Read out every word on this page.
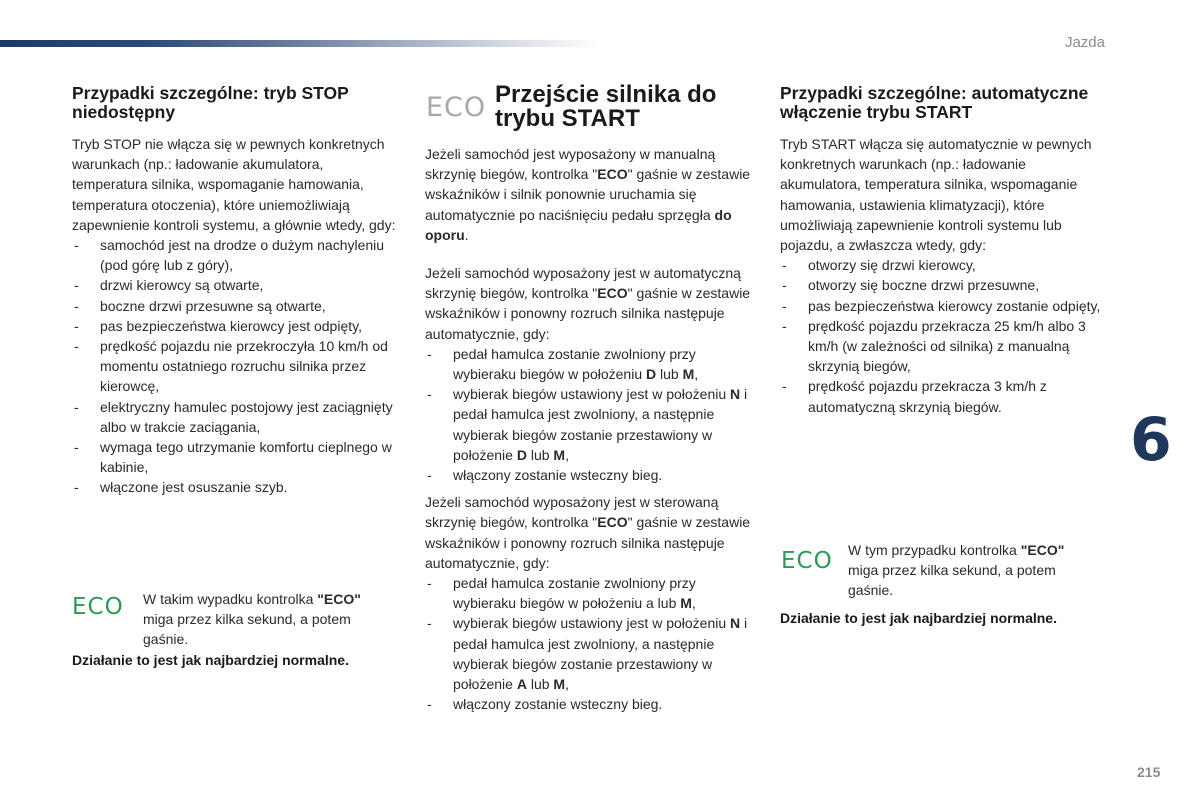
Jazda
6
215

Przypadki szczególne: tryb STOP niedostępny

Tryb STOP nie włącza się w pewnych konkretnych warunkach (np.: ładowanie akumulatora, temperatura silnika, wspomaganie hamowania, temperatura otoczenia), które uniemożliwiają zapewnienie kontroli systemu, a głównie wtedy, gdy:

- samochód jest na drodze o dużym nachyleniu (pod górę lub z góry),
- drzwi kierowcy są otwarte,
- boczne drzwi przesuwne są otwarte,
- pas bezpieczeństwa kierowcy jest odpięty,
- prędkość pojazdu nie przekroczyła 10 km/h od momentu ostatniego rozruchu silnika przez kierowcę,
- elektryczny hamulec postojowy jest zaciągnięty albo w trakcie zaciągania,
- wymaga tego utrzymanie komfortu cieplnego w kabinie,
- włączone jest osuszanie szyb.
ECO W takim wypadku kontrolka "ECO" miga przez kilka sekund, a potem gaśnie.
Działanie to jest jak najbardziej normalne.
ECO Przejście silnika do trybu START

Jeżeli samochód jest wyposażony w manualną skrzynię biegów, kontrolka "ECO" gaśnie w zestawie wskaźników i silnik ponownie uruchamia się automatycznie po naciśnięciu pedału sprzęgła do oporu.

Jeżeli samochód wyposażony jest w automatyczną skrzynię biegów, kontrolka "ECO" gaśnie w zestawie wskaźników i ponowny rozruch silnika następuje automatycznie, gdy:

- pedał hamulca zostanie zwolniony przy wybieraku biegów w położeniu D lub M,
- wybierak biegów ustawiony jest w położeniu N i pedał hamulca jest zwolniony, a następnie wybierak biegów zostanie przestawiony w położenie D lub M,
- włączony zostanie wsteczny bieg.

Jeżeli samochód wyposażony jest w sterowaną skrzynię biegów, kontrolka "ECO" gaśnie w zestawie wskaźników i ponowny rozruch silnika następuje automatycznie, gdy:

- pedał hamulca zostanie zwolniony przy wybieraku biegów w położeniu a lub M,
- wybierak biegów ustawiony jest w położeniu N i pedał hamulca jest zwolniony, a następnie wybierak biegów zostanie przestawiony w położenie A lub M,
- włączony zostanie wsteczny bieg.

Przypadki szczególne: automatyczne włączenie trybu START

Tryb START włącza się automatycznie w pewnych konkretnych warunkach (np.: ładowanie akumulatora, temperatura silnika, wspomaganie hamowania, ustawienia klimatyzacji), które umożliwiają zapewnienie kontroli systemu lub pojazdu, a zwłaszcza wtedy, gdy:

- otworzy się drzwi kierowcy,
- otworzy się boczne drzwi przesuwne,
- pas bezpieczeństwa kierowcy zostanie odpięty,
- prędkość pojazdu przekracza 25 km/h albo 3 km/h (w zależności od silnika) z manualną skrzynią biegów,
- prędkość pojazdu przekracza 3 km/h z automatyczną skrzynią biegów.
ECO W tym przypadku kontrolka "ECO" miga przez kilka sekund, a potem gaśnie.
Działanie to jest jak najbardziej normalne.
